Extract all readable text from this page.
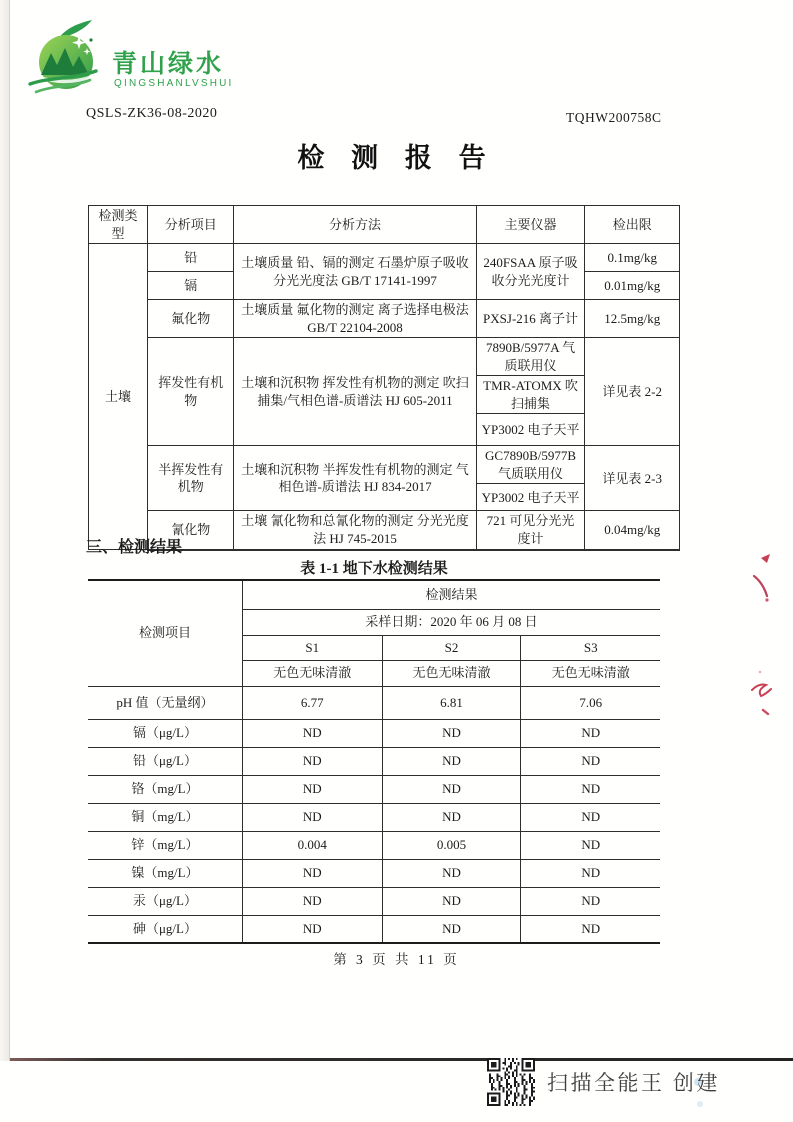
青山绿水
QINGSHANLVSHUI
QSLS-ZK36-08-2020	TQHW200758C
检 测 报 告
检测类型	分析项目	分析方法	主要仪器	检出限
土壤	铅	土壤质量 铅、镉的测定 石墨炉原子吸收分光光度法 GB/T 17141-1997	240FSAA 原子吸收分光光度计	0.1mg/kg
	镉			0.01mg/kg
	氟化物	土壤质量 氟化物的测定 离子选择电极法 GB/T 22104-2008	PXSJ-216 离子计	12.5mg/kg
	挥发性有机物	土壤和沉积物 挥发性有机物的测定 吹扫捕集/气相色谱-质谱法 HJ 605-2011	7890B/5977A 气质联用仪	详见表 2-2
			TMR-ATOMX 吹扫捕集	
			YP3002 电子天平	
	半挥发性有机物	土壤和沉积物 半挥发性有机物的测定 气相色谱-质谱法 HJ 834-2017	GC7890B/5977B 气质联用仪	详见表 2-3
			YP3002 电子天平	
	氰化物	土壤 氰化物和总氰化物的测定 分光光度法 HJ 745-2015	721 可见分光光度计	0.04mg/kg
三、检测结果
表 1-1 地下水检测结果
检测项目	检测结果		
	采样日期：2020 年 06 月 08 日		
	S1	S2	S3
	无色无味清澈	无色无味清澈	无色无味清澈
pH 值（无量纲）	6.77	6.81	7.06
镉（μg/L）	ND	ND	ND
铅（μg/L）	ND	ND	ND
铬（mg/L）	ND	ND	ND
铜（mg/L）	ND	ND	ND
锌（mg/L）	0.004	0.005	ND
镍（mg/L）	ND	ND	ND
汞（μg/L）	ND	ND	ND
砷（μg/L）	ND	ND	ND
第 3 页 共 11 页
扫描全能王 创建
